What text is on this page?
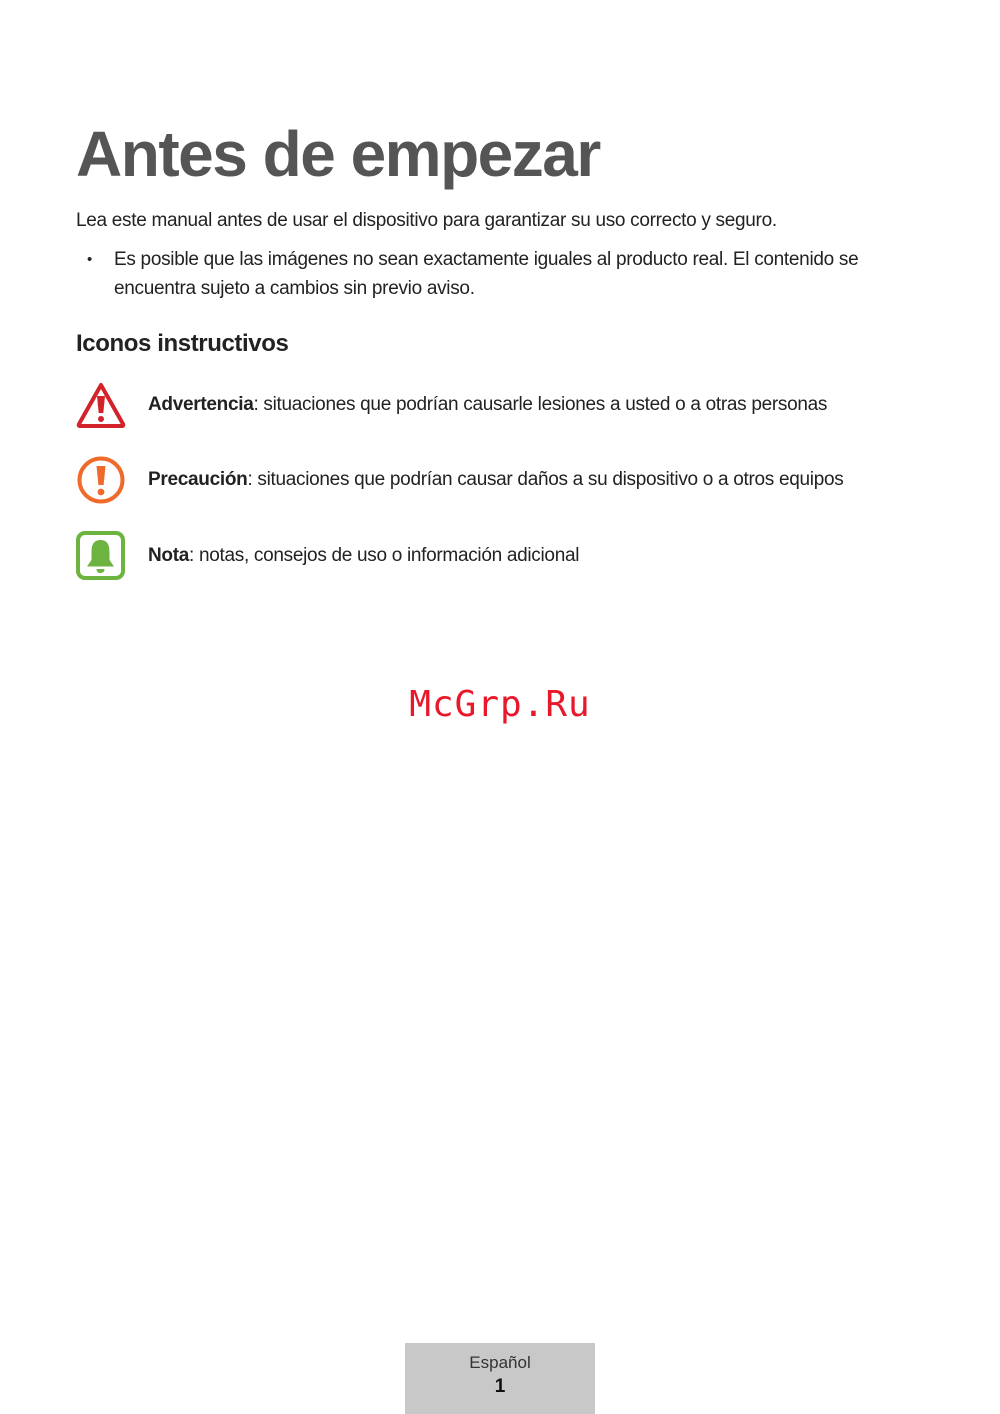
Antes de empezar

Lea este manual antes de usar el dispositivo para garantizar su uso correcto y seguro.

• Es posible que las imágenes no sean exactamente iguales al producto real. El contenido se encuentra sujeto a cambios sin previo aviso.
Iconos instructivos
Advertencia: situaciones que podrían causarle lesiones a usted o a otras personas
Precaución: situaciones que podrían causar daños a su dispositivo o a otros equipos
Nota: notas, consejos de uso o información adicional
McGrp.Ru
Español
1
